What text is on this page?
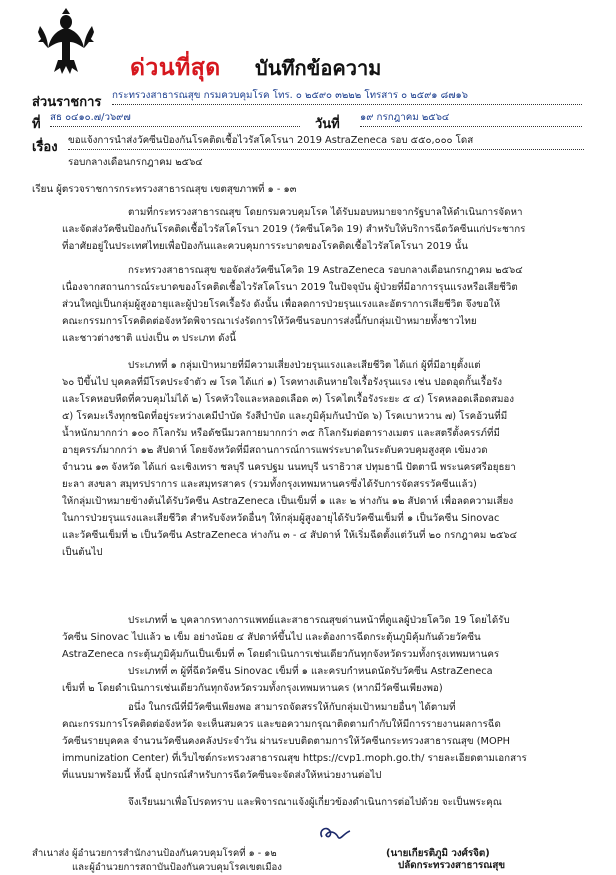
ด่วนที่สุด บันทึกข้อความ
ส่วนราชการ กระทรวงสาธารณสุข กรมควบคุมโรค โทร. ๐ ๒๕๙๐ ๓๒๒๒ โทรสาร ๐ ๒๕๙๑ ๘๗๑๖
ที่ สธ ๐๔๑๐.๗/ว๖๙๗	วันที่ ๑๙ กรกฎาคม ๒๕๖๔
เรื่อง ขอแจ้งการนำส่งวัคซีนป้องกันโรคติดเชื้อไวรัสโคโรนา 2019 AstraZeneca รอบ ๕๕๐,๐๐๐ โดส
รอบกลางเดือนกรกฎาคม ๒๕๖๔
เรียน ผู้ตรวจราชการกระทรวงสาธารณสุข เขตสุขภาพที่ ๑ - ๑๓
ตามที่กระทรวงสาธารณสุข โดยกรมควบคุมโรค ได้รับมอบหมายจากรัฐบาลให้ดำเนินการจัดหา
และจัดส่งวัคซีนป้องกันโรคติดเชื้อไวรัสโคโรนา 2019 (วัคซีนโควิด 19) สำหรับให้บริการฉีดวัคซีนแก่ประชากร
ที่อาศัยอยู่ในประเทศไทยเพื่อป้องกันและควบคุมการระบาดของโรคติดเชื้อไวรัสโคโรนา 2019 นั้น
กระทรวงสาธารณสุข ขอจัดส่งวัคซีนโควิด 19 AstraZeneca รอบกลางเดือนกรกฎาคม ๒๕๖๔
เนื่องจากสถานการณ์ระบาดของโรคติดเชื้อไวรัสโคโรนา 2019 ในปัจจุบัน ผู้ป่วยที่มีอาการรุนแรงหรือเสียชีวิต
ส่วนใหญ่เป็นกลุ่มผู้สูงอายุและผู้ป่วยโรคเรื้อรัง ดังนั้น เพื่อลดการป่วยรุนแรงและอัตราการเสียชีวิต จึงขอให้
คณะกรรมการโรคติดต่อจังหวัดพิจารณาเร่งรัดการให้วัคซีนรอบการส่งนี้กับกลุ่มเป้าหมายทั้งชาวไทย
และชาวต่างชาติ แบ่งเป็น ๓ ประเภท ดังนี้
ประเภทที่ ๑ กลุ่มเป้าหมายที่มีความเสี่ยงป่วยรุนแรงและเสียชีวิต ได้แก่ ผู้ที่มีอายุตั้งแต่
๖๐ ปีขึ้นไป บุคคลที่มีโรคประจำตัว ๗ โรค ได้แก่ ๑) โรคทางเดินหายใจเรื้อรังรุนแรง เช่น ปอดอุดกั้นเรื้อรัง
และโรคหอบหืดที่ควบคุมไม่ได้ ๒) โรคหัวใจและหลอดเลือด ๓) โรคไตเรื้อรังระยะ ๕ ๔) โรคหลอดเลือดสมอง
๕) โรคมะเร็งทุกชนิดที่อยู่ระหว่างเคมีบำบัด รังสีบำบัด และภูมิคุ้มกันบำบัด ๖) โรคเบาหวาน ๗) โรคอ้วนที่มี
น้ำหนักมากกว่า ๑๐๐ กิโลกรัม หรือดัชนีมวลกายมากกว่า ๓๕ กิโลกรัมต่อตารางเมตร และสตรีตั้งครรภ์ที่มี
อายุครรภ์มากกว่า ๑๒ สัปดาห์ โดยจังหวัดที่มีสถานการณ์การแพร่ระบาดในระดับควบคุมสูงสุด เข้มงวด
จำนวน ๑๓ จังหวัด ได้แก่ ฉะเชิงเทรา ชลบุรี นครปฐม นนทบุรี นราธิวาส ปทุมธานี ปัตตานี พระนครศรีอยุธยา
ยะลา สงขลา สมุทรปราการ และสมุทรสาคร (รวมทั้งกรุงเทพมหานครซึ่งได้รับการจัดสรรวัคซีนแล้ว)
ให้กลุ่มเป้าหมายข้างต้นได้รับวัคซีน AstraZeneca เป็นเข็มที่ ๑ และ ๒ ห่างกัน ๑๒ สัปดาห์ เพื่อลดความเสี่ยง
ในการป่วยรุนแรงและเสียชีวิต สำหรับจังหวัดอื่นๆ ให้กลุ่มผู้สูงอายุได้รับวัคซีนเข็มที่ ๑ เป็นวัคซีน Sinovac
และวัคซีนเข็มที่ ๒ เป็นวัคซีน AstraZeneca ห่างกัน ๓ - ๔ สัปดาห์ ให้เริ่มฉีดตั้งแต่วันที่ ๒๐ กรกฎาคม ๒๕๖๔
เป็นต้นไป
ประเภทที่ ๒ บุคลากรทางการแพทย์และสาธารณสุขด่านหน้าที่ดูแลผู้ป่วยโควิด 19 โดยได้รับ
วัคซีน Sinovac ไปแล้ว ๒ เข็ม อย่างน้อย ๔ สัปดาห์ขึ้นไป และต้องการฉีดกระตุ้นภูมิคุ้มกันด้วยวัคซีน
AstraZeneca กระตุ้นภูมิคุ้มกันเป็นเข็มที่ ๓ โดยดำเนินการเช่นเดียวกันทุกจังหวัดรวมทั้งกรุงเทพมหานคร
ประเภทที่ ๓ ผู้ที่ฉีดวัคซีน Sinovac เข็มที่ ๑ และครบกำหนดนัดรับวัคซีน AstraZeneca
เข็มที่ ๒ โดยดำเนินการเช่นเดียวกันทุกจังหวัดรวมทั้งกรุงเทพมหานคร (หากมีวัคซีนเพียงพอ)
อนึ่ง ในกรณีที่มีวัคซีนเพียงพอ สามารถจัดสรรให้กับกลุ่มเป้าหมายอื่นๆ ได้ตามที่
คณะกรรมการโรคติดต่อจังหวัด จะเห็นสมควร และขอความกรุณาติดตามกำกับให้มีการรายงานผลการฉีด
วัคซีนรายบุคคล จำนวนวัคซีนคงคลังประจำวัน ผ่านระบบติดตามการให้วัคซีนกระทรวงสาธารณสุข (MOPH
immunization Center) ที่เว็บไซต์กระทรวงสาธารณสุข https://cvp1.moph.go.th/ รายละเอียดตามเอกสาร
ที่แนบมาพร้อมนี้ ทั้งนี้ อุปกรณ์สำหรับการฉีดวัคซีนจะจัดส่งให้หน่วยงานต่อไป
จึงเรียนมาเพื่อโปรดทราบ และพิจารณาแจ้งผู้เกี่ยวข้องดำเนินการต่อไปด้วย จะเป็นพระคุณ
(นายเกียรติภูมิ วงศ์รจิต)
สำเนาส่ง ผู้อำนวยการสำนักงานป้องกันควบคุมโรคที่ ๑ - ๑๒
และผู้อำนวยการสถาบันป้องกันควบคุมโรคเขตเมือง	ปลัดกระทรวงสาธารณสุข
